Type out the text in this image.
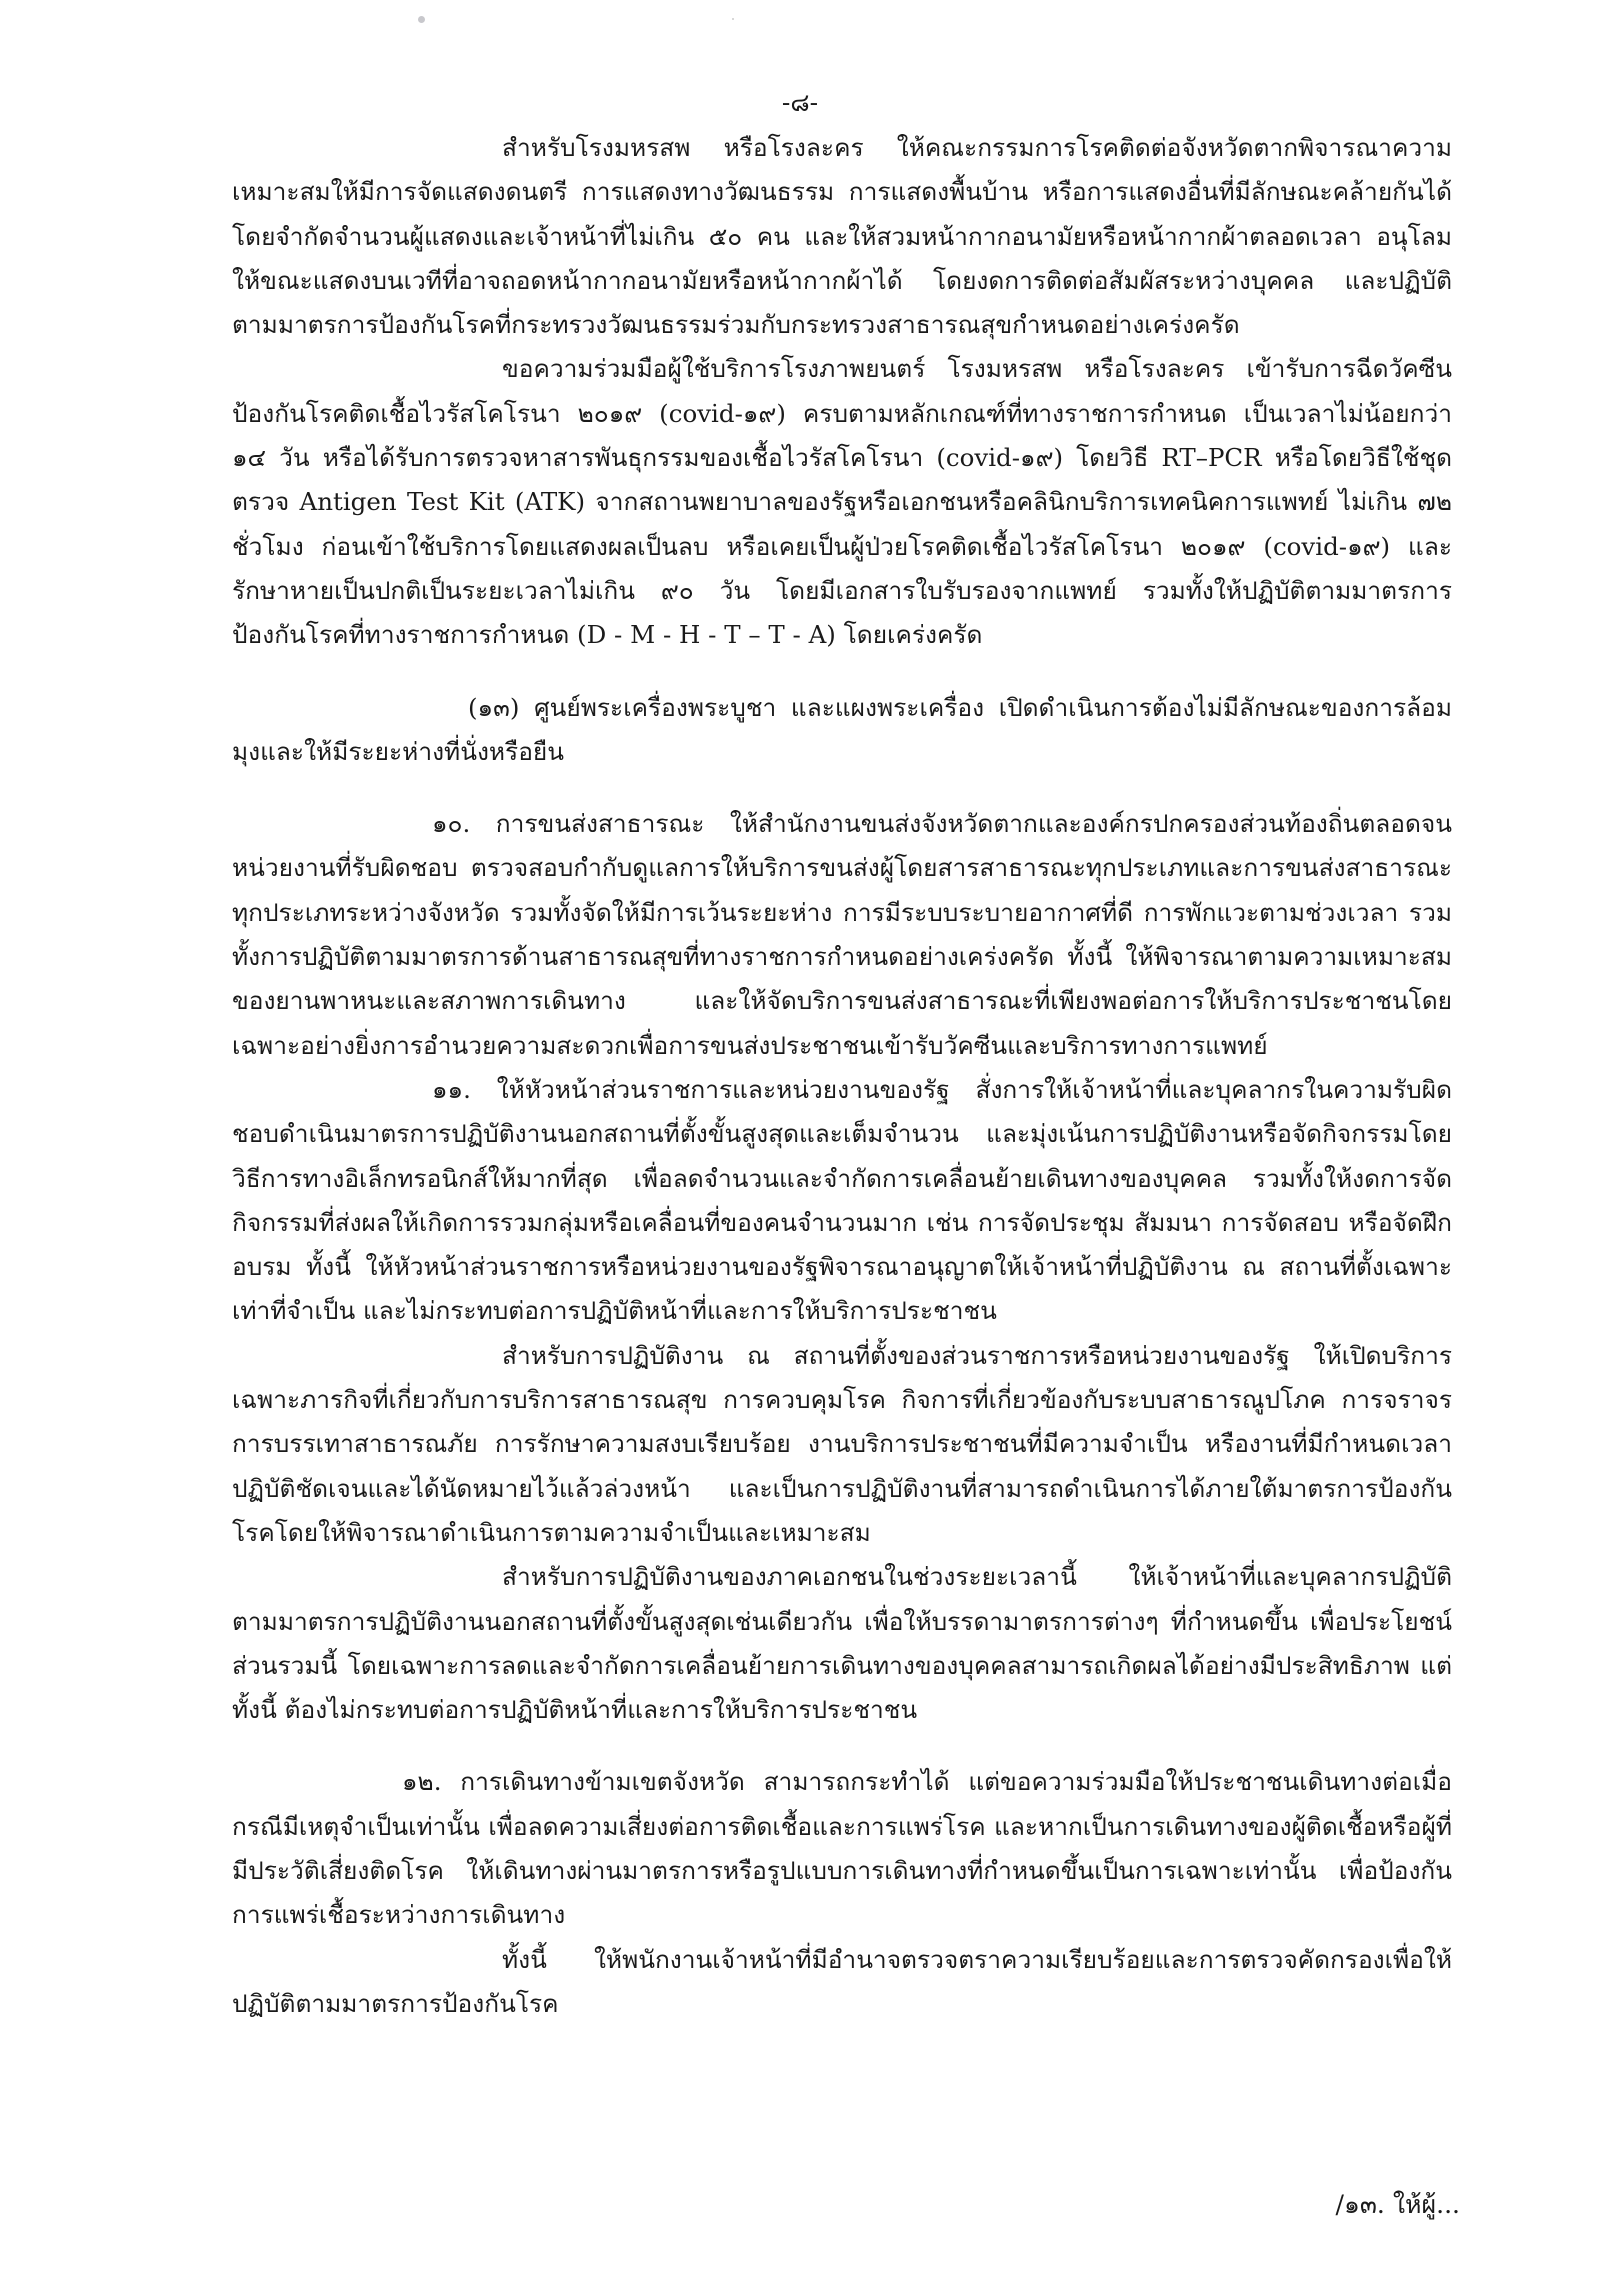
-๘-

สำหรับโรงมหรสพ หรือโรงละคร ให้คณะกรรมการโรคติดต่อจังหวัดตากพิจารณาความเหมาะสมให้มีการจัดแสดงดนตรี การแสดงทางวัฒนธรรม การแสดงพื้นบ้าน หรือการแสดงอื่นที่มีลักษณะคล้ายกันได้ โดยจำกัดจำนวนผู้แสดงและเจ้าหน้าที่ไม่เกิน ๕๐ คน และให้สวมหน้ากากอนามัยหรือหน้ากากผ้าตลอดเวลา อนุโลมให้ขณะแสดงบนเวทีที่อาจถอดหน้ากากอนามัยหรือหน้ากากผ้าได้ โดยงดการติดต่อสัมผัสระหว่างบุคคล และปฏิบัติตามมาตรการป้องกันโรคที่กระทรวงวัฒนธรรมร่วมกับกระทรวงสาธารณสุขกำหนดอย่างเคร่งครัด

ขอความร่วมมือผู้ใช้บริการโรงภาพยนตร์ โรงมหรสพ หรือโรงละคร เข้ารับการฉีดวัคซีนป้องกันโรคติดเชื้อไวรัสโคโรนา ๒๐๑๙ (covid-๑๙) ครบตามหลักเกณฑ์ที่ทางราชการกำหนด เป็นเวลาไม่น้อยกว่า ๑๔ วัน หรือได้รับการตรวจหาสารพันธุกรรมของเชื้อไวรัสโคโรนา (covid-๑๙) โดยวิธี RT–PCR หรือโดยวิธีใช้ชุดตรวจ Antigen Test Kit (ATK) จากสถานพยาบาลของรัฐหรือเอกชนหรือคลินิกบริการเทคนิคการแพทย์ ไม่เกิน ๗๒ ชั่วโมง ก่อนเข้าใช้บริการโดยแสดงผลเป็นลบ หรือเคยเป็นผู้ป่วยโรคติดเชื้อไวรัสโคโรนา ๒๐๑๙ (covid-๑๙) และรักษาหายเป็นปกติเป็นระยะเวลาไม่เกิน ๙๐ วัน โดยมีเอกสารใบรับรองจากแพทย์ รวมทั้งให้ปฏิบัติตามมาตรการป้องกันโรคที่ทางราชการกำหนด (D - M - H - T – T - A) โดยเคร่งครัด

(๑๓) ศูนย์พระเครื่องพระบูชา และแผงพระเครื่อง เปิดดำเนินการต้องไม่มีลักษณะของการล้อมมุงและให้มีระยะห่างที่นั่งหรือยืน

๑๐. การขนส่งสาธารณะ ให้สำนักงานขนส่งจังหวัดตากและองค์กรปกครองส่วนท้องถิ่นตลอดจนหน่วยงานที่รับผิดชอบ ตรวจสอบกำกับดูแลการให้บริการขนส่งผู้โดยสารสาธารณะทุกประเภทและการขนส่งสาธารณะทุกประเภทระหว่างจังหวัด รวมทั้งจัดให้มีการเว้นระยะห่าง การมีระบบระบายอากาศที่ดี การพักแวะตามช่วงเวลา รวมทั้งการปฏิบัติตามมาตรการด้านสาธารณสุขที่ทางราชการกำหนดอย่างเคร่งครัด ทั้งนี้ ให้พิจารณาตามความเหมาะสมของยานพาหนะและสภาพการเดินทาง และให้จัดบริการขนส่งสาธารณะที่เพียงพอต่อการให้บริการประชาชนโดยเฉพาะอย่างยิ่งการอำนวยความสะดวกเพื่อการขนส่งประชาชนเข้ารับวัคซีนและบริการทางการแพทย์

๑๑. ให้หัวหน้าส่วนราชการและหน่วยงานของรัฐ สั่งการให้เจ้าหน้าที่และบุคลากรในความรับผิดชอบดำเนินมาตรการปฏิบัติงานนอกสถานที่ตั้งขั้นสูงสุดและเต็มจำนวน และมุ่งเน้นการปฏิบัติงานหรือจัดกิจกรรมโดยวิธีการทางอิเล็กทรอนิกส์ให้มากที่สุด เพื่อลดจำนวนและจำกัดการเคลื่อนย้ายเดินทางของบุคคล รวมทั้งให้งดการจัดกิจกรรมที่ส่งผลให้เกิดการรวมกลุ่มหรือเคลื่อนที่ของคนจำนวนมาก เช่น การจัดประชุม สัมมนา การจัดสอบ หรือจัดฝึกอบรม ทั้งนี้ ให้หัวหน้าส่วนราชการหรือหน่วยงานของรัฐพิจารณาอนุญาตให้เจ้าหน้าที่ปฏิบัติงาน ณ สถานที่ตั้งเฉพาะเท่าที่จำเป็น และไม่กระทบต่อการปฏิบัติหน้าที่และการให้บริการประชาชน

สำหรับการปฏิบัติงาน ณ สถานที่ตั้งของส่วนราชการหรือหน่วยงานของรัฐ ให้เปิดบริการเฉพาะภารกิจที่เกี่ยวกับการบริการสาธารณสุข การควบคุมโรค กิจการที่เกี่ยวข้องกับระบบสาธารณูปโภค การจราจร การบรรเทาสาธารณภัย การรักษาความสงบเรียบร้อย งานบริการประชาชนที่มีความจำเป็น หรืองานที่มีกำหนดเวลาปฏิบัติชัดเจนและได้นัดหมายไว้แล้วล่วงหน้า และเป็นการปฏิบัติงานที่สามารถดำเนินการได้ภายใต้มาตรการป้องกันโรคโดยให้พิจารณาดำเนินการตามความจำเป็นและเหมาะสม

สำหรับการปฏิบัติงานของภาคเอกชนในช่วงระยะเวลานี้ ให้เจ้าหน้าที่และบุคลากรปฏิบัติตามมาตรการปฏิบัติงานนอกสถานที่ตั้งขั้นสูงสุดเช่นเดียวกัน เพื่อให้บรรดามาตรการต่างๆ ที่กำหนดขึ้น เพื่อประโยชน์ส่วนรวมนี้ โดยเฉพาะการลดและจำกัดการเคลื่อนย้ายการเดินทางของบุคคลสามารถเกิดผลได้อย่างมีประสิทธิภาพ แต่ทั้งนี้ ต้องไม่กระทบต่อการปฏิบัติหน้าที่และการให้บริการประชาชน

๑๒. การเดินทางข้ามเขตจังหวัด สามารถกระทำได้ แต่ขอความร่วมมือให้ประชาชนเดินทางต่อเมื่อกรณีมีเหตุจำเป็นเท่านั้น เพื่อลดความเสี่ยงต่อการติดเชื้อและการแพร่โรค และหากเป็นการเดินทางของผู้ติดเชื้อหรือผู้ที่มีประวัติเสี่ยงติดโรค ให้เดินทางผ่านมาตรการหรือรูปแบบการเดินทางที่กำหนดขึ้นเป็นการเฉพาะเท่านั้น เพื่อป้องกันการแพร่เชื้อระหว่างการเดินทาง

ทั้งนี้ ให้พนักงานเจ้าหน้าที่มีอำนาจตรวจตราความเรียบร้อยและการตรวจคัดกรองเพื่อให้ปฏิบัติตามมาตรการป้องกันโรค

/๑๓. ให้ผู้...
